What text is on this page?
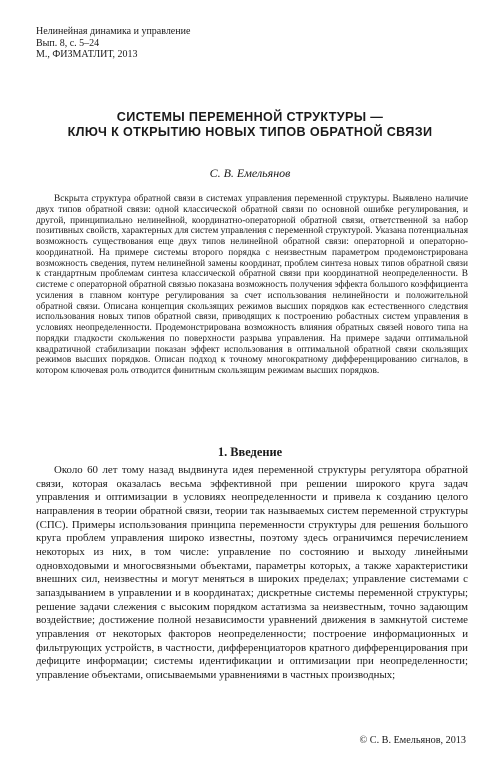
Нелинейная динамика и управление
Вып. 8, с. 5–24
М., ФИЗМАТЛИТ, 2013
СИСТЕМЫ ПЕРЕМЕННОЙ СТРУКТУРЫ —
КЛЮЧ К ОТКРЫТИЮ НОВЫХ ТИПОВ ОБРАТНОЙ СВЯЗИ
С. В. Емельянов
Вскрыта структура обратной связи в системах управления переменной структуры. Выявлено наличие двух типов обратной связи: одной классической обратной связи по основной ошибке регулирования, и другой, принципиально нелинейной, координатно-операторной обратной связи, ответственной за набор позитивных свойств, характерных для систем управления с переменной структурой. Указана потенциальная возможность существования еще двух типов нелинейной обратной связи: операторной и операторно-координатной. На примере системы второго порядка с неизвестным параметром продемонстрирована возможность сведения, путем нелинейной замены координат, проблем синтеза новых типов обратной связи к стандартным проблемам синтеза классической обратной связи при координатной неопределенности. В системе с операторной обратной связью показана возможность получения эффекта большого коэффициента усиления в главном контуре регулирования за счет использования нелинейности и положительной обратной связи. Описана концепция скользящих режимов высших порядков как естественного следствия использования новых типов обратной связи, приводящих к построению робастных систем управления в условиях неопределенности. Продемонстрирована возможность влияния обратных связей нового типа на порядки гладкости скольжения по поверхности разрыва управления. На примере задачи оптимальной квадратичной стабилизации показан эффект использования в оптимальной обратной связи скользящих режимов высших порядков. Описан подход к точному многократному дифференцированию сигналов, в котором ключевая роль отводится финитным скользящим режимам высших порядков.
1. Введение
Около 60 лет тому назад выдвинута идея переменной структуры регулятора обратной связи, которая оказалась весьма эффективной при решении широкого круга задач управления и оптимизации в условиях неопределенности и привела к созданию целого направления в теории обратной связи, теории так называемых систем переменной структуры (СПС). Примеры использования принципа переменности структуры для решения большого круга проблем управления широко известны, поэтому здесь ограничимся перечислением некоторых из них, в том числе: управление по состоянию и выходу линейными одновходовыми и многосвязными объектами, параметры которых, а также характеристики внешних сил, неизвестны и могут меняться в широких пределах; управление системами с запаздыванием в управлении и в координатах; дискретные системы переменной структуры; решение задачи слежения с высоким порядком астатизма за неизвестным, точно задающим воздействие; достижение полной независимости уравнений движения в замкнутой системе управления от некоторых факторов неопределенности; построение информационных и фильтрующих устройств, в частности, дифференциаторов кратного дифференцирования при дефиците информации; системы идентификации и оптимизации при неопределенности; управление объектами, описываемыми уравнениями в частных производных;
© С. В. Емельянов, 2013
